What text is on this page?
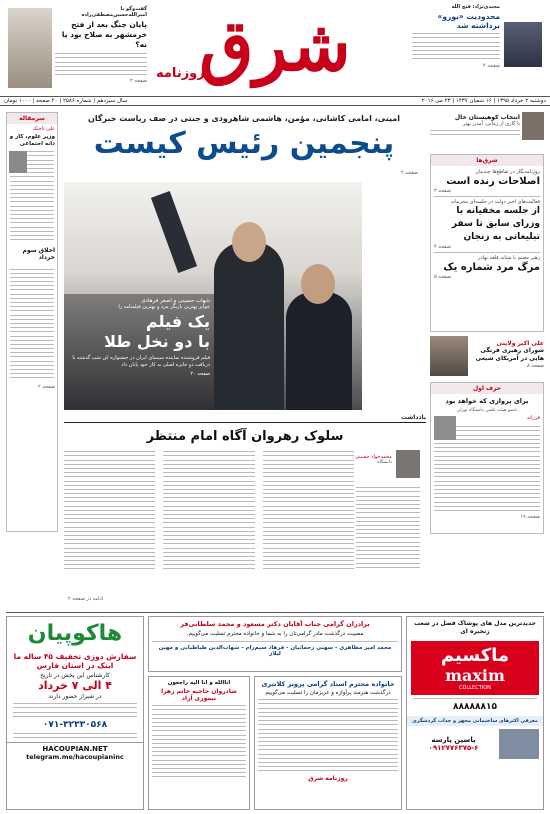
مجیدی‌نژاد: فتح الله
محدودیت «یورو» برداشته شد
صفحه ۴
شرق
روزنامه
گفت‌وگو با امیرالله‌حسین‌مصطفی‌زاده
پایان جنگ بعد از فتح خرمشهر به صلاح بود یا نه؟
صفحه ۲
دوشنبه ۲ خرداد ۱۳۹۵ | ۱۶ شعبان ۱۴۳۷ | ۲۳ می ۲۰۱۶
سال سیزدهم | شماره ۲۵۸۶ | ۲۰ صفحه | ۱۰۰۰ تومان
سرمقاله
علی تاجیک
وزیر علوم، کار و دانه اجتماعی
اخلاق سوم خرداد
صفحه ۲
امینی، امامی کاشانی، مؤمن، هاشمی شاهرودی و جنتی در صف ریاست خبرگان
پنجمین رئیس کیست
صفحه ۲
شهاب حسینی و اصغر فرهادی
جوایز بهترین بازیگر مرد و بهترین فیلمنامه را
یک فیلم
با دو نخل طلا
فیلم فروشنده نماینده سینمای ایران در جشنواره کن شب گذشته با دریافت دو جایزه اصلی به کار خود پایان داد
صفحه ۲۰
انتخاب کوهیستان خال
با گاری از زمانی، آمدن بهتر
شرق‌ها
روزنامه‌نگار در تقاطع‌ها چندبیان
اصلاحات زنده است
صفحه ۳
فعالیت‌های اخیر دولت در جلسه‌ای محرمانه
از جلسه مخفیانه با وزرای سابق تا سفر تبلیغاتی به زنجان
صفحه ۴
رهبر مغتنم با شنایه قلعه بهادر
مرگ مرد شماره یک
صفحه ۵
علی اکبر ولایتی
شورای رهبری فرنگی هایی در آمریکای شیعی
صفحه ۸
حرف اول
برای پروازی که خواهد بود
عضو هیئت علمی دانشگاه تهران
فرزانه
صفحه ۱۹
یادداشت
سلوک رهروان آگاه امام منتظر
محمدجواد حسینی
دانشگاه
ادامه در صفحه ۲
هاکوپیان
سفارش دوزی تخفیف ۴۵ ساله ما
اینک در استان فارس
کارشناس این بخش در تاریخ
۴ الی ۷ خرداد
در شیراز حضور دارند
۰۷۱-۳۲۳۳۰۵۶۸
HACOUPIAN.NET
telegram.me/hacoupianinc
برادران گرامی جناب آقایان دکتر مسعود و محمد سلطانی‌فر
مصیبت درگذشت مادر گرامی‌تان را به شما و خانواده محترم تسلیت می‌گوییم.
محمد امیر مظاهری - سهنی رحمانیان - فرهاد سیم‌رام - شهاب‌الدین طباطبایی و مهین لیلاز
خانواده محترم استاد گرامی پرویز کلانتری
درگذشت هنرمند پرآوازه و عزیزمان را تسلیت می‌گوییم
روزنامه شرق
اناالله و انا الیه راجعون
شادروان حاجیه خانم زهرا نیموری آزاد
جدیدترین مدل های پوشاک فصل در شعب زنجیره ای
ماکسیم
maxim
COLLECTION
۸۸۸۸۸۸۱۵
معرفی اکثرهای ساختمانی مجهز و جذاب گردشگری
یاسین پارسه
۰۹۱۲۷۷۶۳۷۵-۶
